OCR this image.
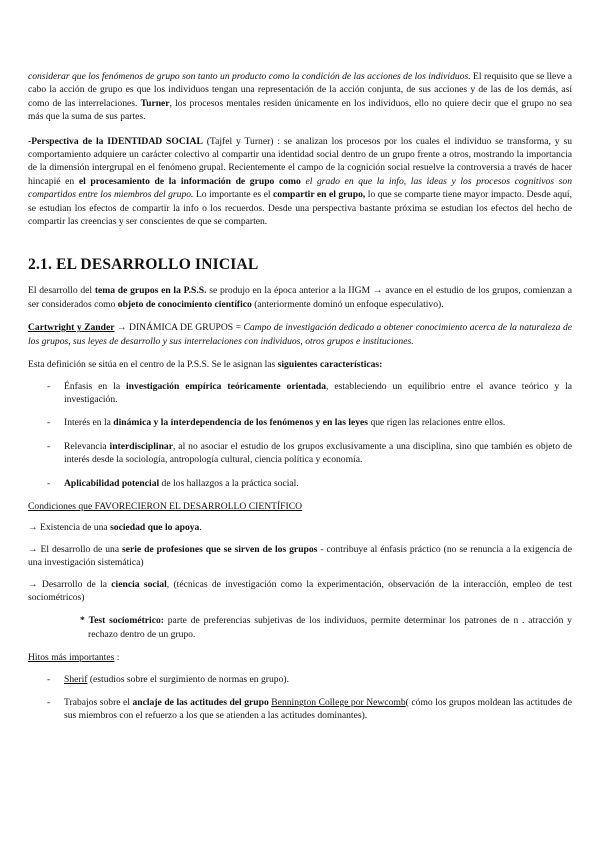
considerar que los fenómenos de grupo son tanto un producto como la condición de las acciones de los individuos. El requisito que se lleve a cabo la acción de grupo es que los individuos tengan una representación de la acción conjunta, de sus acciones y de las de los demás, así como de las interrelaciones. Turner, los procesos mentales residen únicamente en los individuos, ello no quiere decir que el grupo no sea más que la suma de sus partes.

-Perspectiva de la IDENTIDAD SOCIAL (Tajfel y Turner) : se analizan los procesos por los cuales el individuo se transforma, y su comportamiento adquiere un carácter colectivo al compartir una identidad social dentro de un grupo frente a otros, mostrando la importancia de la dimensión intergrupal en el fenómeno grupal. Recientemente el campo de la cognición social resuelve la controversia a través de hacer hincapié en el procesamiento de la información de grupo como el grado en que la info, las ideas y los procesos cognitivos son compartidos entre los miembros del grupo. Lo importante es el compartir en el grupo, lo que se comparte tiene mayor impacto. Desde aquí, se estudian los efectos de compartir la info o los recuerdos. Desde una perspectiva bastante próxima se estudian los efectos del hecho de compartir las creencias y ser conscientes de que se comparten.

2.1. EL DESARROLLO INICIAL

El desarrollo del tema de grupos en la P.S.S. se produjo en la época anterior a la IIGM → avance en el estudio de los grupos, comienzan a ser considerados como objeto de conocimiento científico (anteriormente dominó un enfoque especulativo).

Cartwright y Zander → DINÁMICA DE GRUPOS = Campo de investigación dedicado a obtener conocimiento acerca de la naturaleza de los grupos, sus leyes de desarrollo y sus interrelaciones con individuos, otros grupos e instituciones.

Esta definición se sitúa en el centro de la P.S.S. Se le asignan las siguientes características:

- Énfasis en la investigación empírica teóricamente orientada, estableciendo un equilibrio entre el avance teórico y la investigación.
- Interés en la dinámica y la interdependencia de los fenómenos y en las leyes que rigen las relaciones entre ellos.
- Relevancia interdisciplinar, al no asociar el estudio de los grupos exclusivamente a una disciplina, sino que también es objeto de interés desde la sociología, antropología cultural, ciencia política y economía.
- Aplicabilidad potencial de los hallazgos a la práctica social.

Condiciones que FAVORECIERON EL DESARROLLO CIENTÍFICO

→ Existencia de una sociedad que lo apoya.

→ El desarrollo de una serie de profesiones que se sirven de los grupos - contribuye al énfasis práctico (no se renuncia a la exigencia de una investigación sistemática)

→ Desarrollo de la ciencia social, (técnicas de investigación como la experimentación, observación de la interacción, empleo de test sociométricos)

* Test sociométrico: parte de preferencias subjetivas de los individuos, permite determinar los patrones de n . atracción y rechazo dentro de un grupo.

Hitos más importantes :

- Sherif (estudios sobre el surgimiento de normas en grupo).
- Trabajos sobre el anclaje de las actitudes del grupo Bennington College por Newcomb( cómo los grupos moldean las actitudes de sus miembros con el refuerzo a los que se atienden a las actitudes dominantes).
